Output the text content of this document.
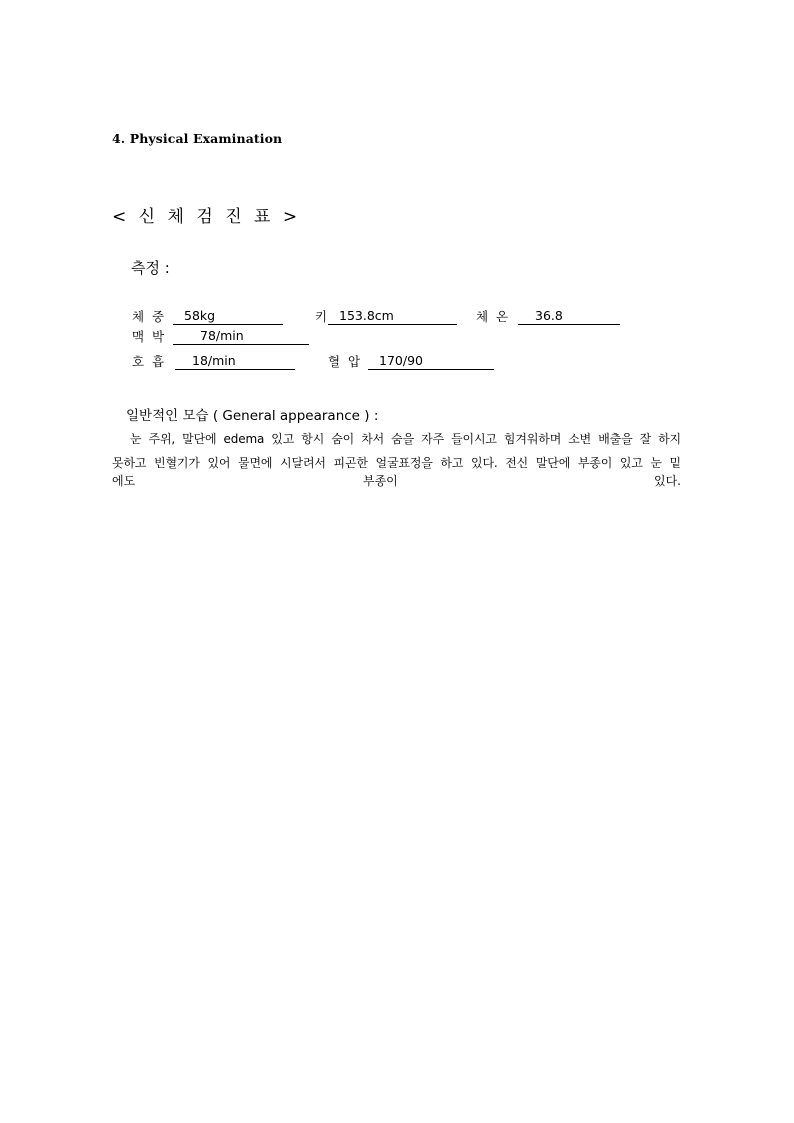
4. Physical Examination
< 신 체 검 진 표 >
측정 :
체  중 58kg	키 153.8cm	체  온 36.8
맥  박	78/min
호  흡 18/min	혈  압 170/90
일반적인 모습 ( General appearance ) :
눈 주위, 말단에 edema 있고 항시 숨이 차서 숨을 자주 들이시고 힘겨워하며 소변 배출을 잘 하지
못하고 빈혈기가 있어 물면에 시달려서 피곤한 얼굴표정을 하고 있다. 전신 말단에 부종이 있고 눈 밑
에도	부종이	있다.
